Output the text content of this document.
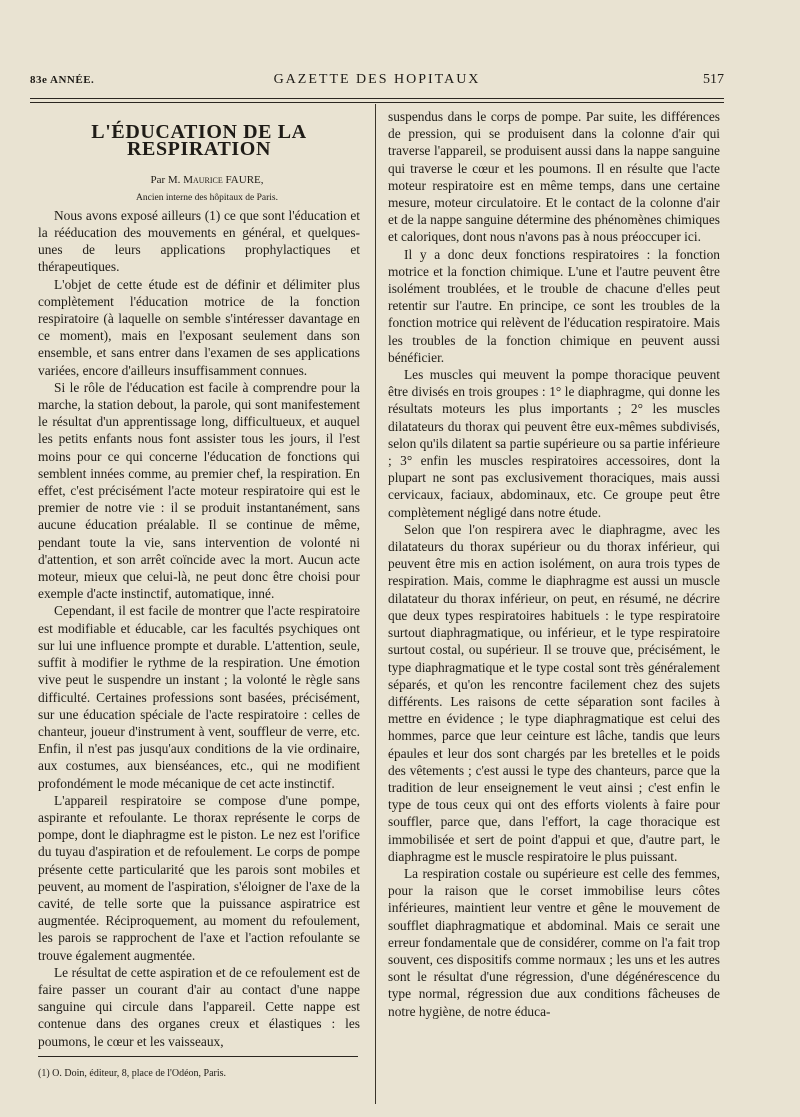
83e ANNÉE.	GAZETTE DES HOPITAUX	517
L'ÉDUCATION DE LA RESPIRATION

Par M. Maurice FAURE,

Ancien interne des hôpitaux de Paris.

Nous avons exposé ailleurs (1) ce que sont l'éducation et la rééducation des mouvements en général, et quelques-unes de leurs applications prophylactiques et thérapeutiques.

L'objet de cette étude est de définir et délimiter plus complètement l'éducation motrice de la fonction respiratoire (à laquelle on semble s'intéresser davantage en ce moment), mais en l'exposant seulement dans son ensemble, et sans entrer dans l'examen de ses applications variées, encore d'ailleurs insuffisamment connues.

Si le rôle de l'éducation est facile à comprendre pour la marche, la station debout, la parole, qui sont manifestement le résultat d'un apprentissage long, difficultueux, et auquel les petits enfants nous font assister tous les jours, il l'est moins pour ce qui concerne l'éducation de fonctions qui semblent innées comme, au premier chef, la respiration. En effet, c'est précisément l'acte moteur respiratoire qui est le premier de notre vie : il se produit instantanément, sans aucune éducation préalable. Il se continue de même, pendant toute la vie, sans intervention de volonté ni d'attention, et son arrêt coïncide avec la mort. Aucun acte moteur, mieux que celui-là, ne peut donc être choisi pour exemple d'acte instinctif, automatique, inné.

Cependant, il est facile de montrer que l'acte respiratoire est modifiable et éducable, car les facultés psychiques ont sur lui une influence prompte et durable. L'attention, seule, suffit à modifier le rythme de la respiration. Une émotion vive peut le suspendre un instant ; la volonté le règle sans difficulté. Certaines professions sont basées, précisément, sur une éducation spéciale de l'acte respiratoire : celles de chanteur, joueur d'instrument à vent, souffleur de verre, etc. Enfin, il n'est pas jusqu'aux conditions de la vie ordinaire, aux costumes, aux bienséances, etc., qui ne modifient profondément le mode mécanique de cet acte instinctif.

L'appareil respiratoire se compose d'une pompe, aspirante et refoulante. Le thorax représente le corps de pompe, dont le diaphragme est le piston. Le nez est l'orifice du tuyau d'aspiration et de refoulement. Le corps de pompe présente cette particularité que les parois sont mobiles et peuvent, au moment de l'aspiration, s'éloigner de l'axe de la cavité, de telle sorte que la puissance aspiratrice est augmentée. Réciproquement, au moment du refoulement, les parois se rapprochent de l'axe et l'action refoulante se trouve également augmentée.

Le résultat de cette aspiration et de ce refoulement est de faire passer un courant d'air au contact d'une nappe sanguine qui circule dans l'appareil. Cette nappe est contenue dans des organes creux et élastiques : les poumons, le cœur et les vaisseaux,

(1) O. Doin, éditeur, 8, place de l'Odéon, Paris.

suspendus dans le corps de pompe. Par suite, les différences de pression, qui se produisent dans la colonne d'air qui traverse l'appareil, se produisent aussi dans la nappe sanguine qui traverse le cœur et les poumons. Il en résulte que l'acte moteur respiratoire est en même temps, dans une certaine mesure, moteur circulatoire. Et le contact de la colonne d'air et de la nappe sanguine détermine des phénomènes chimiques et caloriques, dont nous n'avons pas à nous préoccuper ici.

Il y a donc deux fonctions respiratoires : la fonction motrice et la fonction chimique. L'une et l'autre peuvent être isolément troublées, et le trouble de chacune d'elles peut retentir sur l'autre. En principe, ce sont les troubles de la fonction motrice qui relèvent de l'éducation respiratoire. Mais les troubles de la fonction chimique en peuvent aussi bénéficier.

Les muscles qui meuvent la pompe thoracique peuvent être divisés en trois groupes : 1° le diaphragme, qui donne les résultats moteurs les plus importants ; 2° les muscles dilatateurs du thorax qui peuvent être eux-mêmes subdivisés, selon qu'ils dilatent sa partie supérieure ou sa partie inférieure ; 3° enfin les muscles respiratoires accessoires, dont la plupart ne sont pas exclusivement thoraciques, mais aussi cervicaux, faciaux, abdominaux, etc. Ce groupe peut être complètement négligé dans notre étude.

Selon que l'on respirera avec le diaphragme, avec les dilatateurs du thorax supérieur ou du thorax inférieur, qui peuvent être mis en action isolément, on aura trois types de respiration. Mais, comme le diaphragme est aussi un muscle dilatateur du thorax inférieur, on peut, en résumé, ne décrire que deux types respiratoires habituels : le type respiratoire surtout diaphragmatique, ou inférieur, et le type respiratoire surtout costal, ou supérieur. Il se trouve que, précisément, le type diaphragmatique et le type costal sont très généralement séparés, et qu'on les rencontre facilement chez des sujets différents. Les raisons de cette séparation sont faciles à mettre en évidence ; le type diaphragmatique est celui des hommes, parce que leur ceinture est lâche, tandis que leurs épaules et leur dos sont chargés par les bretelles et le poids des vêtements ; c'est aussi le type des chanteurs, parce que la tradition de leur enseignement le veut ainsi ; c'est enfin le type de tous ceux qui ont des efforts violents à faire pour souffler, parce que, dans l'effort, la cage thoracique est immobilisée et sert de point d'appui et que, d'autre part, le diaphragme est le muscle respiratoire le plus puissant.

La respiration costale ou supérieure est celle des femmes, pour la raison que le corset immobilise leurs côtes inférieures, maintient leur ventre et gêne le mouvement de soufflet diaphragmatique et abdominal. Mais ce serait une erreur fondamentale que de considérer, comme on l'a fait trop souvent, ces dispositifs comme normaux ; les uns et les autres sont le résultat d'une régression, d'une dégénérescence du type normal, régression due aux conditions fâcheuses de notre hygiène, de notre éduca-
